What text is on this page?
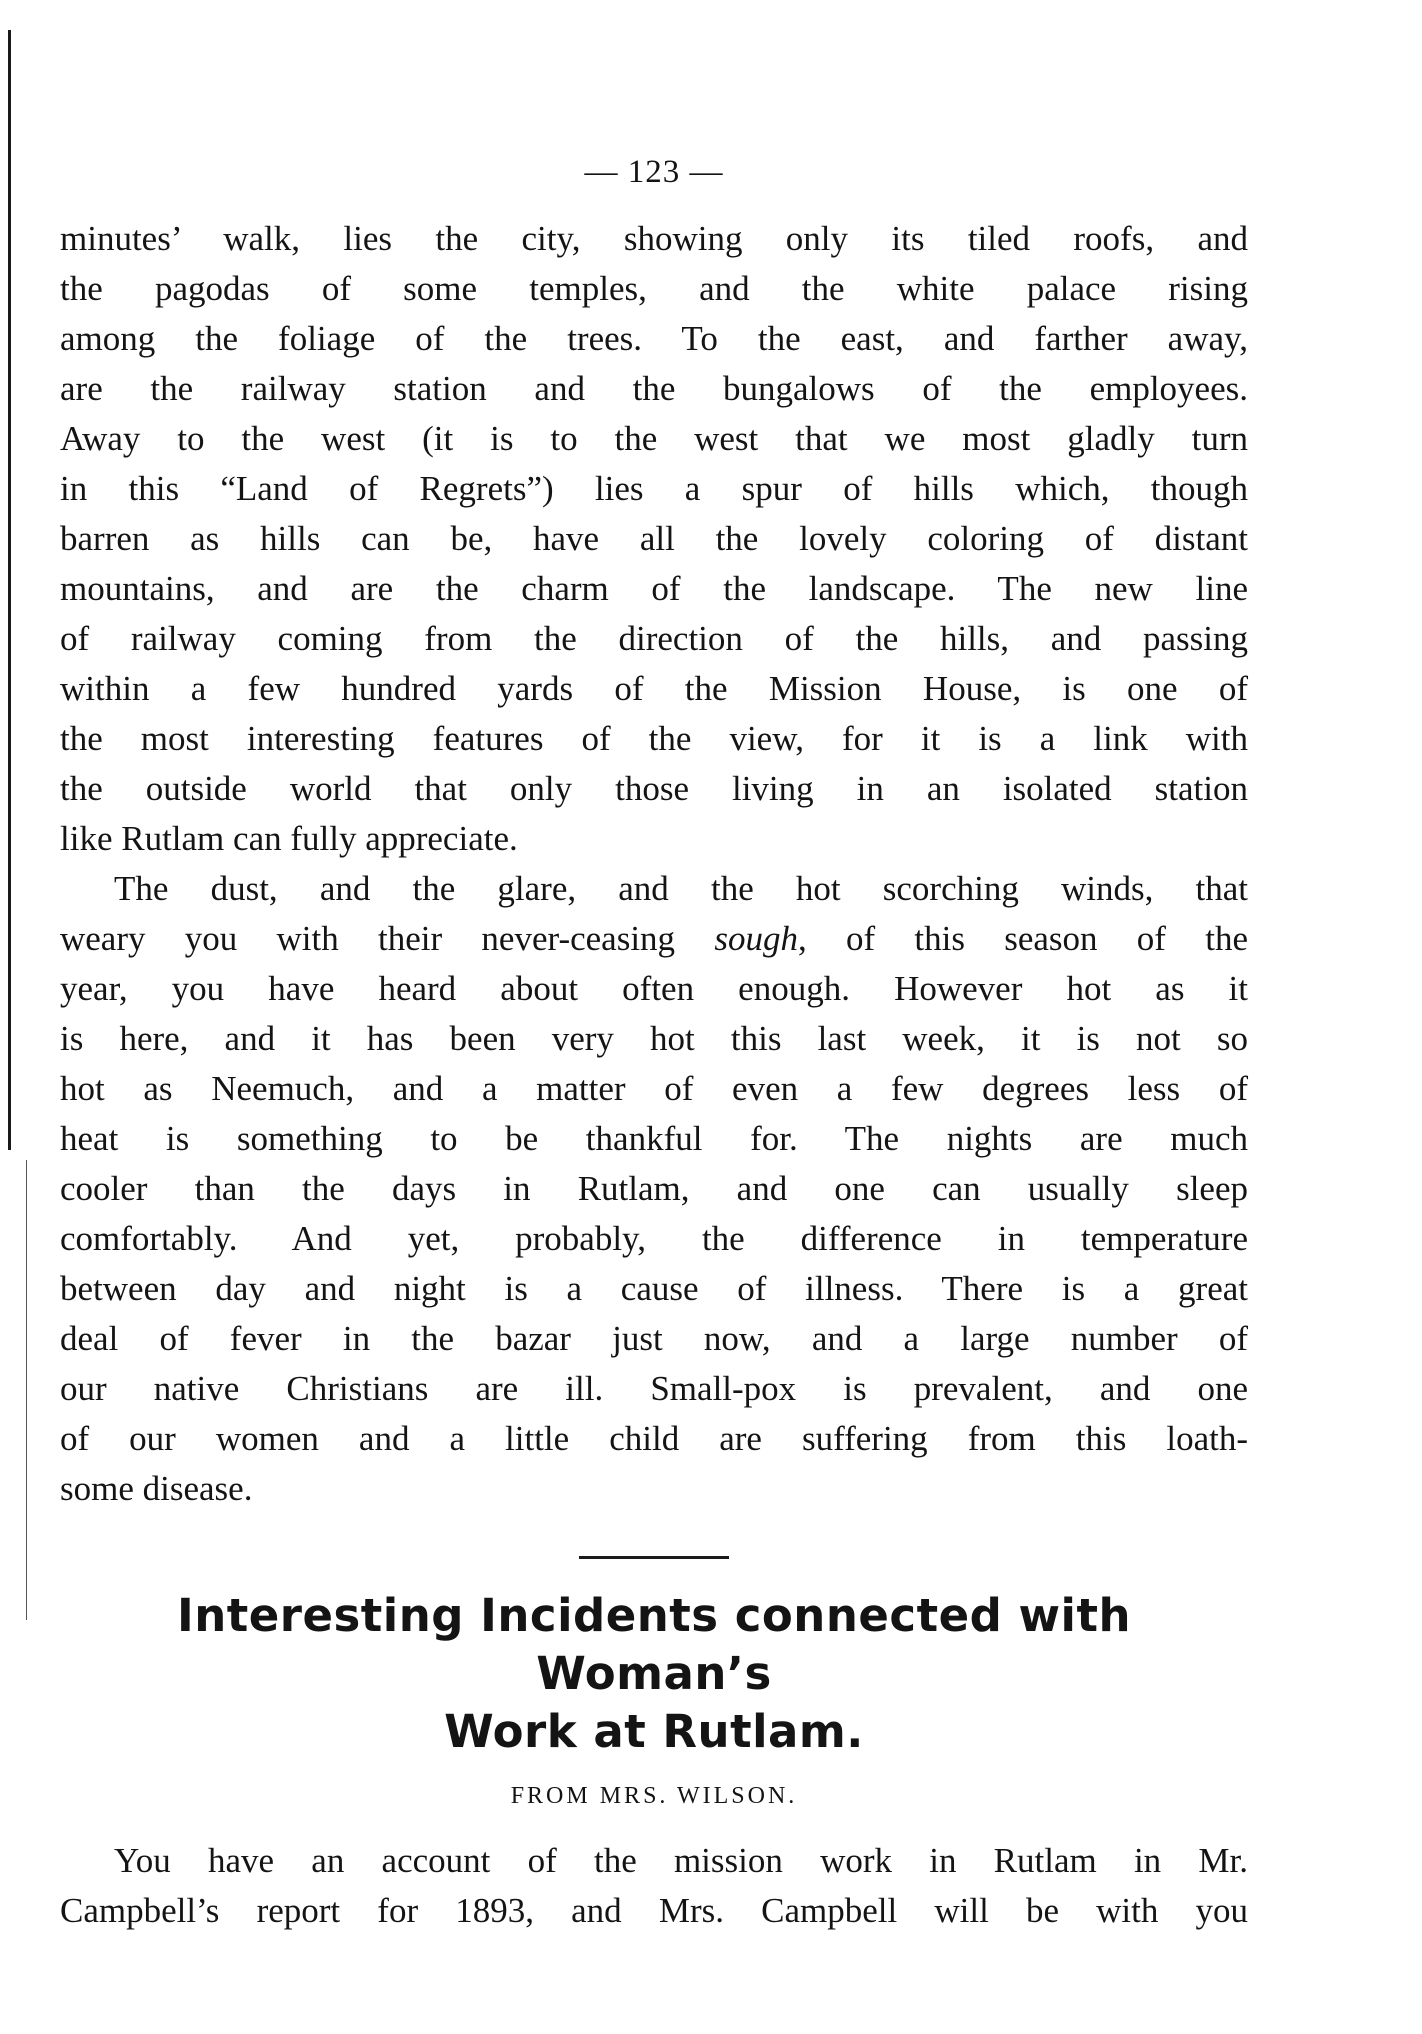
— 123 —

minutes’ walk, lies the city, showing only its tiled roofs, and
the pagodas of some temples, and the white palace rising
among the foliage of the trees. To the east, and farther away,
are the railway station and the bungalows of the employees.
Away to the west (it is to the west that we most gladly turn
in this “Land of Regrets”) lies a spur of hills which, though
barren as hills can be, have all the lovely coloring of distant
mountains, and are the charm of the landscape. The new line
of railway coming from the direction of the hills, and passing
within a few hundred yards of the Mission House, is one of
the most interesting features of the view, for it is a link with
the outside world that only those living in an isolated station
like Rutlam can fully appreciate.

The dust, and the glare, and the hot scorching winds, that
weary you with their never-ceasing sough, of this season of the
year, you have heard about often enough. However hot as it
is here, and it has been very hot this last week, it is not so
hot as Neemuch, and a matter of even a few degrees less of
heat is something to be thankful for. The nights are much
cooler than the days in Rutlam, and one can usually sleep
comfortably. And yet, probably, the difference in temperature
between day and night is a cause of illness. There is a great
deal of fever in the bazar just now, and a large number of
our native Christians are ill. Small-pox is prevalent, and one
of our women and a little child are suffering from this loath-
some disease.

Interesting Incidents connected with Woman’s
Work at Rutlam.
FROM MRS. WILSON.

You have an account of the mission work in Rutlam in Mr.
Campbell’s report for 1893, and Mrs. Campbell will be with you
